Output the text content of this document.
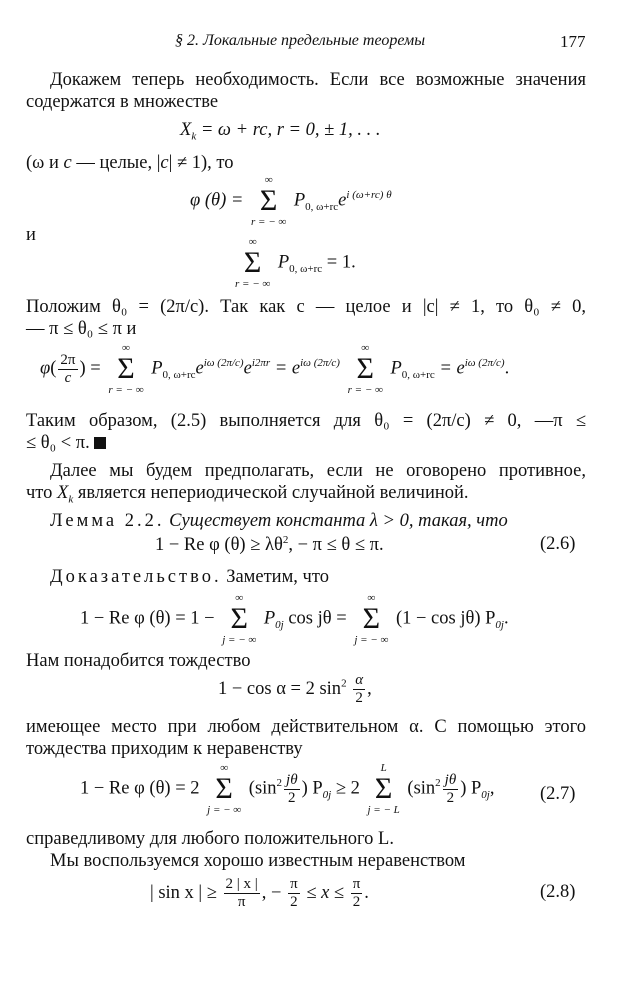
§ 2. Локальные предельные теоремы	177
Докажем теперь необходимость. Если все возможные значения
содержатся в множестве
$X_k = \omega$ + rc, r = 0, ± 1, . . .
(ω и c — целые, |c| ≠ 1), то
φ (θ) =
∞
Σ
r = − ∞
$P_{0, \omega+rc}e^{i (\omega+rc) \theta}$
и	∞
Σ
r = − ∞
$P_{0, \omega+rc} = 1$.
Положим θ₀ = (2π/c). Так как c — целое и |c| ≠ 1, то θ₀ ≠ 0,
— π ≤ θ₀ ≤ π и
$\varphi( \frac{2\pi}{c}$ ) =
∞
Σ
r = − ∞
$P_{0, \omega+rc}e^{i\omega (2\pi/c)}e^{i2\pi r} = e^{i\omega (2\pi/c)}$
∞
Σ
r = − ∞
$P_{0, \omega+rc} = e^{i\omega (2\pi/c)}$.
Таким образом, (2.5) выполняется для θ₀ = (2π/c) ≠ 0, —π ≤
≤ θ₀ < π.
Далее мы будем предполагать, если не оговорено противное,
что $X_k$ является непериодической случайной величиной.
Лемма 2.2. Существует константа λ > 0, такая, что
1 − Re φ $(\theta) \ge \lambda\theta^2$, − π ≤ θ ≤ π.	(2.6)
Доказательство. Заметим, что
1 − Re φ (θ) = 1 −
∞
Σ
j = − ∞
$P_{0j}$ cos jθ =
∞
Σ
j = − ∞
(1 − cos jθ) $P_{0j}$.
Нам понадобится тождество
1 − cos α = 2 $\sin^2 \frac{\alpha}{2}$ ,
имеющее место при любом действительном α. С помощью этого
тождества приходим к неравенству
1 − Re φ (θ) = 2
∞
Σ
j = − ∞
($\sin^2 \frac{j\theta}{2}$ ) $P_{0j} \ge 2$
L
Σ
j = − L
($\sin^2 \frac{j\theta}{2}$ ) $P_{0j}$, (2.7)
справедливому для любого положительного L.
Мы воспользуемся хорошо известным неравенством
| sin x | ≥ $\frac{2 | x |}{\pi}$ , − $\frac{\pi}{2} \le x \le \frac{\pi}{2}$ .	(2.8)
